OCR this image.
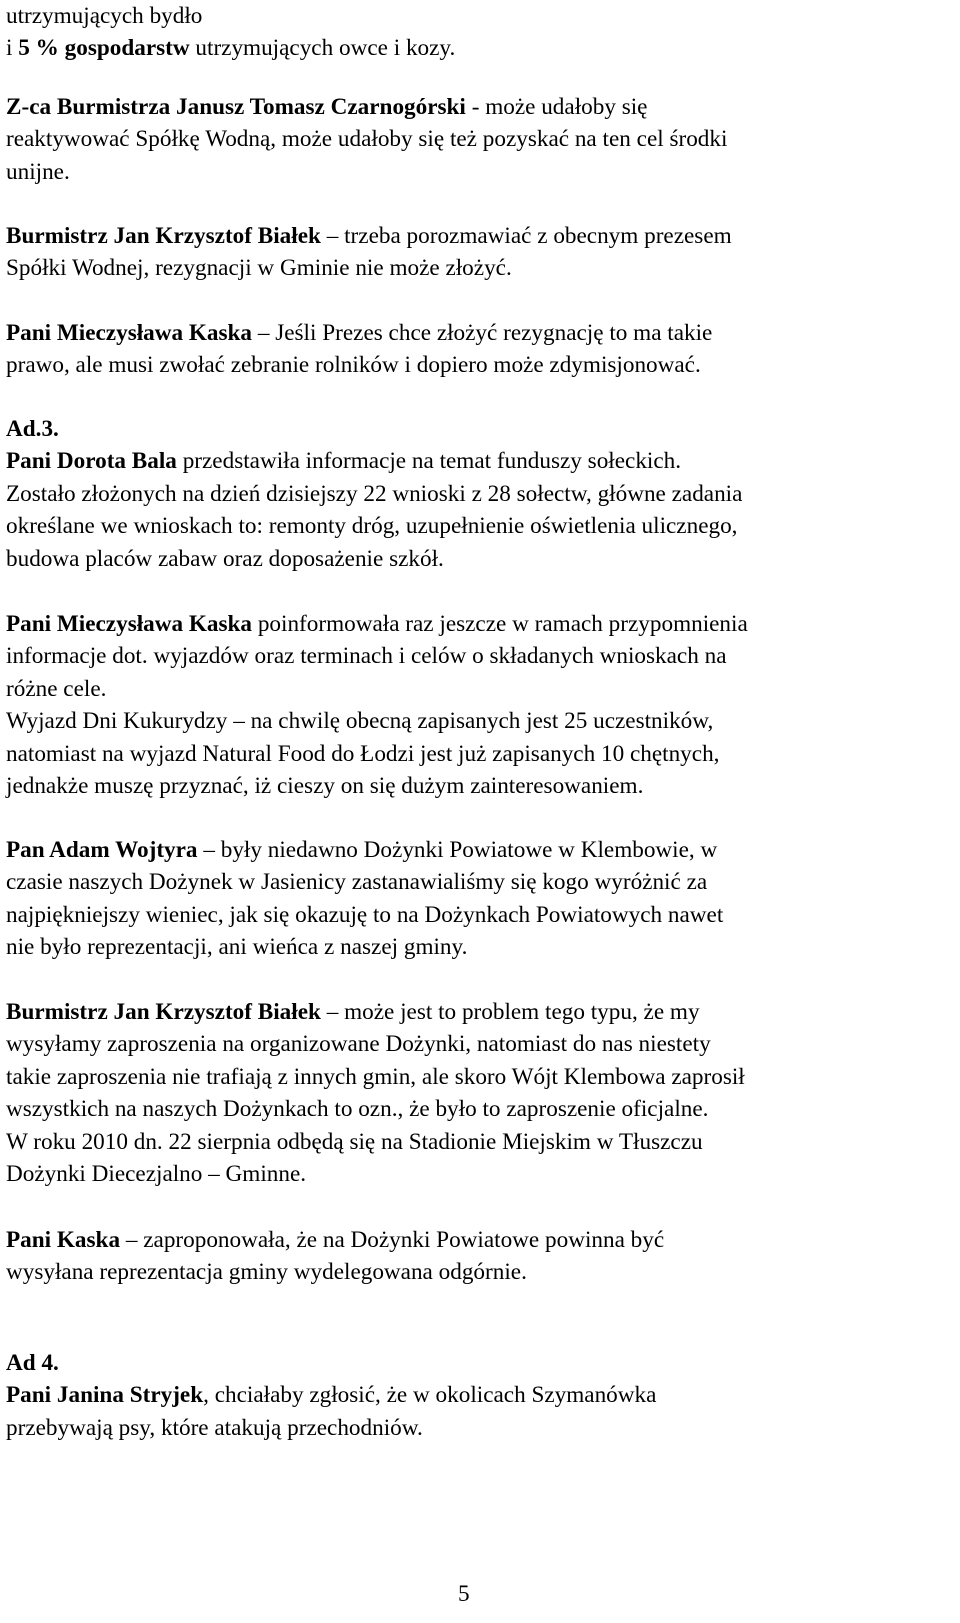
utrzymujących bydło
i 5 % gospodarstw utrzymujących owce i kozy.
Z-ca Burmistrza Janusz Tomasz Czarnogórski - może udałoby się
reaktywować Spółkę Wodną, może udałoby się też pozyskać na ten cel środki
unijne.
Burmistrz Jan Krzysztof Białek – trzeba porozmawiać z obecnym prezesem
Spółki Wodnej, rezygnacji w Gminie nie może złożyć.
Pani Mieczysława Kaska – Jeśli Prezes chce złożyć rezygnację to ma takie
prawo, ale musi zwołać zebranie rolników i dopiero może zdymisjonować.
Ad.3.
Pani Dorota Bala przedstawiła informacje na temat funduszy sołeckich.
Zostało złożonych na dzień dzisiejszy 22 wnioski z 28 sołectw, główne zadania
określane we wnioskach to: remonty dróg, uzupełnienie oświetlenia ulicznego,
budowa placów zabaw oraz doposażenie szkół.
Pani Mieczysława Kaska poinformowała raz jeszcze w ramach przypomnienia
informacje dot. wyjazdów oraz terminach i celów o składanych wnioskach na
różne cele.
Wyjazd Dni Kukurydzy – na chwilę obecną zapisanych jest 25 uczestników,
natomiast na wyjazd Natural Food do Łodzi jest już zapisanych 10 chętnych,
jednakże muszę przyznać, iż cieszy on się dużym zainteresowaniem.
Pan Adam Wojtyra – były niedawno Dożynki Powiatowe w Klembowie, w
czasie naszych Dożynek w Jasienicy zastanawialiśmy się kogo wyróżnić za
najpiękniejszy wieniec, jak się okazuję to na Dożynkach Powiatowych nawet
nie było reprezentacji, ani wieńca z naszej gminy.
Burmistrz Jan Krzysztof Białek – może jest to problem tego typu, że my
wysyłamy zaproszenia na organizowane Dożynki, natomiast do nas niestety
takie zaproszenia nie trafiają z innych gmin, ale skoro Wójt Klembowa zaprosił
wszystkich na naszych Dożynkach to ozn., że było to zaproszenie oficjalne.
W roku 2010 dn. 22 sierpnia odbędą się na Stadionie Miejskim w Tłuszczu
Dożynki Diecezjalno – Gminne.
Pani Kaska – zaproponowała, że na Dożynki Powiatowe powinna być
wysyłana reprezentacja gminy wydelegowana odgórnie.
Ad 4.
Pani Janina Stryjek, chciałaby zgłosić, że w okolicach Szymanówka
przebywają psy, które atakują przechodniów.
5
